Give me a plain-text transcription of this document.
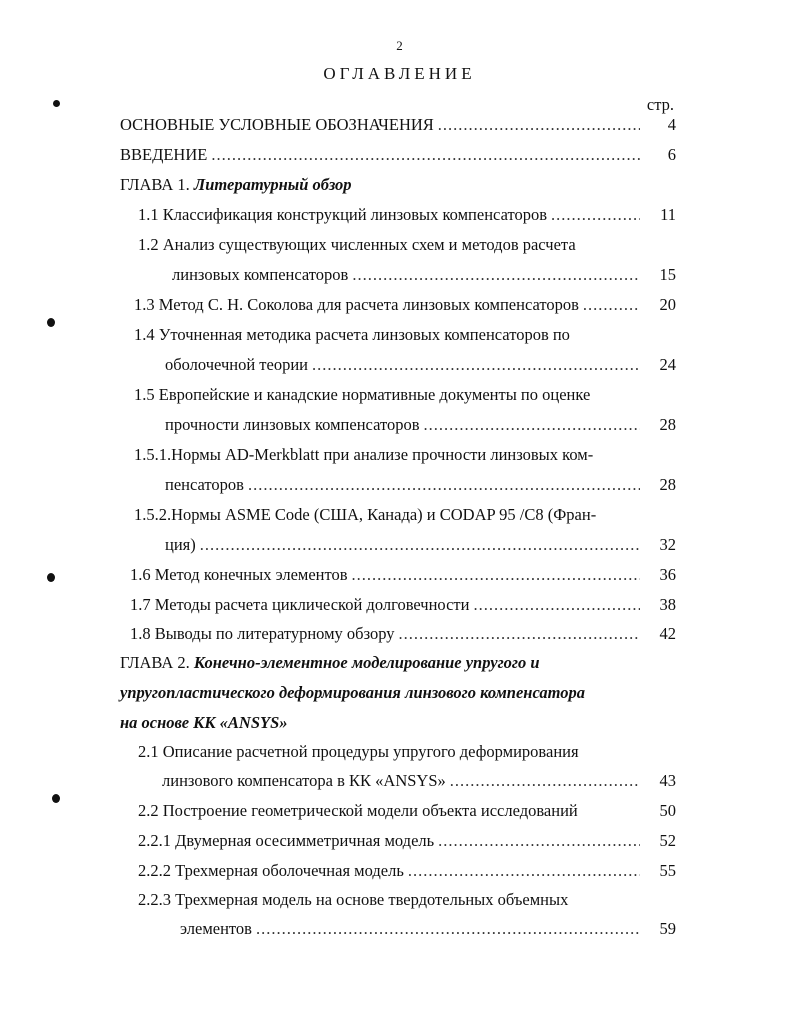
2
ОГЛАВЛЕНИЕ
стр.
ОСНОВНЫЕ УСЛОВНЫЕ ОБОЗНАЧЕНИЯ .....	4
ВВЕДЕНИЕ .....	6
ГЛАВА 1. Литературный обзор
1.1 Классификация конструкций линзовых компенсаторов .....	11
1.2 Анализ существующих численных схем и методов расчета
линзовых компенсаторов .....	15
1.3 Метод С. Н. Соколова для расчета линзовых компенсаторов .....	20
1.4 Уточненная методика расчета линзовых компенсаторов по
оболочечной теории .....	24
1.5 Европейские и канадские нормативные документы по оценке
прочности линзовых компенсаторов .....	28
1.5.1.Нормы AD-Merkblatt при анализе прочности линзовых ком-
пенсаторов .....	28
1.5.2.Нормы ASME Code (США, Канада) и CODAP 95 /C8 (Фран-
ция) .....	32
1.6 Метод конечных элементов .....	36
1.7 Методы расчета циклической долговечности .....	38
1.8 Выводы по литературному обзору .....	42
ГЛАВА 2. Конечно-элементное моделирование упругого и
упругопластического деформирования линзового компенсатора
на основе КК «ANSYS»
2.1 Описание расчетной процедуры упругого деформирования
линзового компенсатора в КК «ANSYS» .....	43
2.2 Построение геометрической модели объекта исследований	50
2.2.1 Двумерная осесимметричная модель .....	52
2.2.2 Трехмерная оболочечная модель .....	55
2.2.3 Трехмерная модель на основе твердотельных объемных
элементов .....	59
